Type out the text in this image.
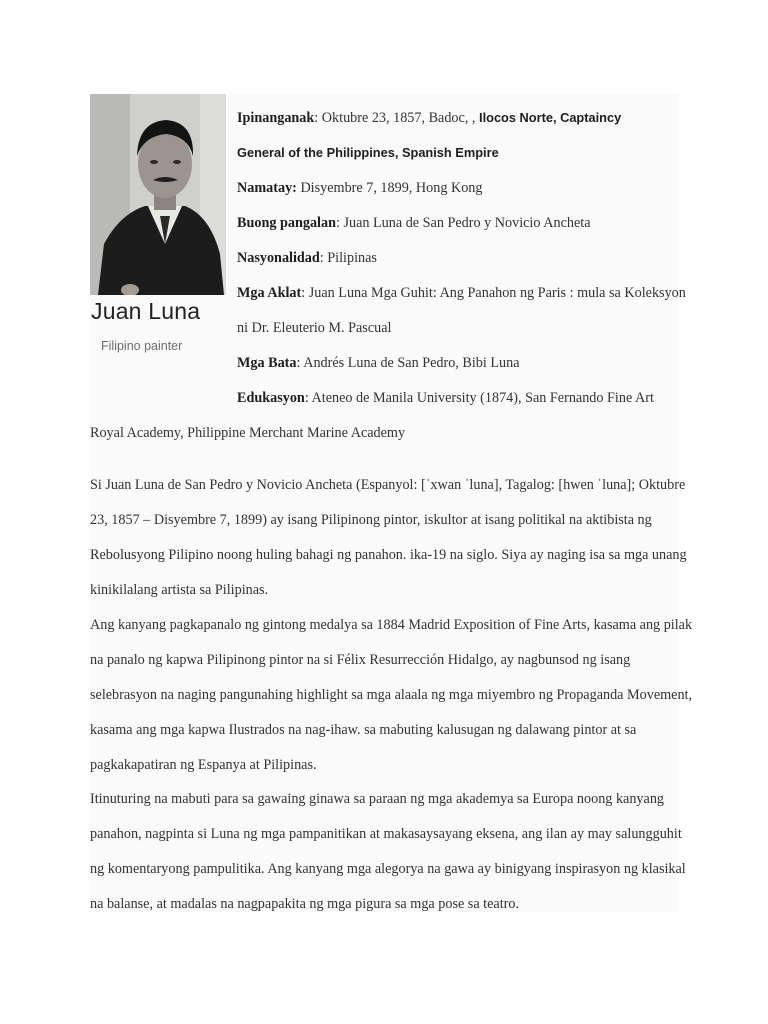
Juan Luna
Filipino painter
Ipinanganak: Oktubre 23, 1857, Badoc, , Ilocos Norte, Captaincy
General of the Philippines, Spanish Empire
Namatay: Disyembre 7, 1899, Hong Kong
Buong pangalan: Juan Luna de San Pedro y Novicio Ancheta
Nasyonalidad: Pilipinas
Mga Aklat: Juan Luna Mga Guhit: Ang Panahon ng Paris : mula sa Koleksyon
ni Dr. Eleuterio M. Pascual
Mga Bata: Andrés Luna de San Pedro, Bibi Luna
Edukasyon: Ateneo de Manila University (1874), San Fernando Fine Art
Royal Academy, Philippine Merchant Marine Academy
Si Juan Luna de San Pedro y Novicio Ancheta (Espanyol: [ˈxwan ˈluna], Tagalog: [hwen ˈluna]; Oktubre
23, 1857 – Disyembre 7, 1899) ay isang Pilipinong pintor, iskultor at isang politikal na aktibista ng
Rebolusyong Pilipino noong huling bahagi ng panahon. ika-19 na siglo. Siya ay naging isa sa mga unang
kinikilalang artista sa Pilipinas.
Ang kanyang pagkapanalo ng gintong medalya sa 1884 Madrid Exposition of Fine Arts, kasama ang pilak
na panalo ng kapwa Pilipinong pintor na si Félix Resurrección Hidalgo, ay nagbunsod ng isang
selebrasyon na naging pangunahing highlight sa mga alaala ng mga miyembro ng Propaganda Movement,
kasama ang mga kapwa Ilustrados na nag-ihaw. sa mabuting kalusugan ng dalawang pintor at sa
pagkakapatiran ng Espanya at Pilipinas.
Itinuturing na mabuti para sa gawaing ginawa sa paraan ng mga akademya sa Europa noong kanyang
panahon, nagpinta si Luna ng mga pampanitikan at makasaysayang eksena, ang ilan ay may salungguhit
ng komentaryong pampulitika. Ang kanyang mga alegorya na gawa ay binigyang inspirasyon ng klasikal
na balanse, at madalas na nagpapakita ng mga pigura sa mga pose sa teatro.
